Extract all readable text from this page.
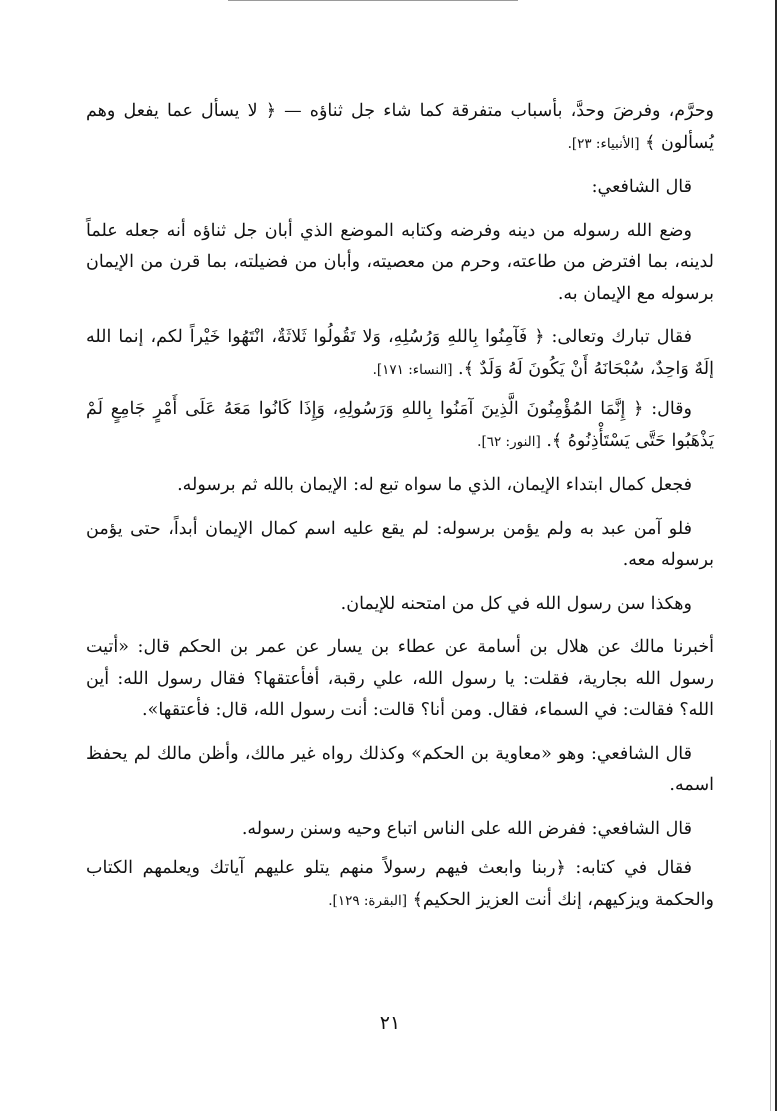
وحرَّم، وفرضَ وحدَّ، بأسباب متفرقة كما شاء جل ثناؤه — ﴿ لا يسأل عما يفعل وهم يُسألون ﴾ [الأنبياء: ٢٣].

قال الشافعي:

وضع الله رسوله من دينه وفرضه وكتابه الموضع الذي أبان جل ثناؤه أنه جعله علماً لدينه، بما افترض من طاعته، وحرم من معصيته، وأبان من فضيلته، بما قرن من الإيمان برسوله مع الإيمان به.

فقال تبارك وتعالى: ﴿ فَآمِنُوا بِاللهِ وَرُسُلِهِ، وَلا تَقُولُوا ثَلاثَةٌ، انْتَهُوا خَيْراً لكم، إنما الله إلَهٌ وَاحِدٌ، سُبْحَانَهُ أَنْ يَكُونَ لَهُ وَلَدٌ ﴾. [النساء: ١٧١].

وقال: ﴿ إِنَّمَا المُؤْمِنُونَ الَّذِينَ آمَنُوا بِاللهِ وَرَسُولِهِ، وَإِذَا كَانُوا مَعَهُ عَلَى أَمْرٍ جَامِعٍ لَمْ يَذْهَبُوا حَتَّى يَسْتَأْذِنُوهُ ﴾. [النور: ٦٢].

فجعل كمال ابتداء الإيمان، الذي ما سواه تبع له: الإيمان بالله ثم برسوله.

فلو آمن عبد به ولم يؤمن برسوله: لم يقع عليه اسم كمال الإيمان أبداً، حتى يؤمن برسوله معه.

وهكذا سن رسول الله في كل من امتحنه للإيمان.

أخبرنا مالك عن هلال بن أسامة عن عطاء بن يسار عن عمر بن الحكم قال: «أتيت رسول الله بجارية، فقلت: يا رسول الله، علي رقبة، أفأعتقها؟ فقال رسول الله: أين الله؟ فقالت: في السماء، فقال. ومن أنا؟ قالت: أنت رسول الله، قال: فأعتقها».

قال الشافعي: وهو «معاوية بن الحكم» وكذلك رواه غير مالك، وأظن مالك لم يحفظ اسمه.

قال الشافعي: ففرض الله على الناس اتباع وحيه وسنن رسوله.

فقال في كتابه: ﴿ربنا وابعث فيهم رسولاً منهم يتلو عليهم آياتك ويعلمهم الكتاب والحكمة ويزكيهم، إنك أنت العزيز الحكيم﴾ [البقرة: ١٢٩].

٢١
